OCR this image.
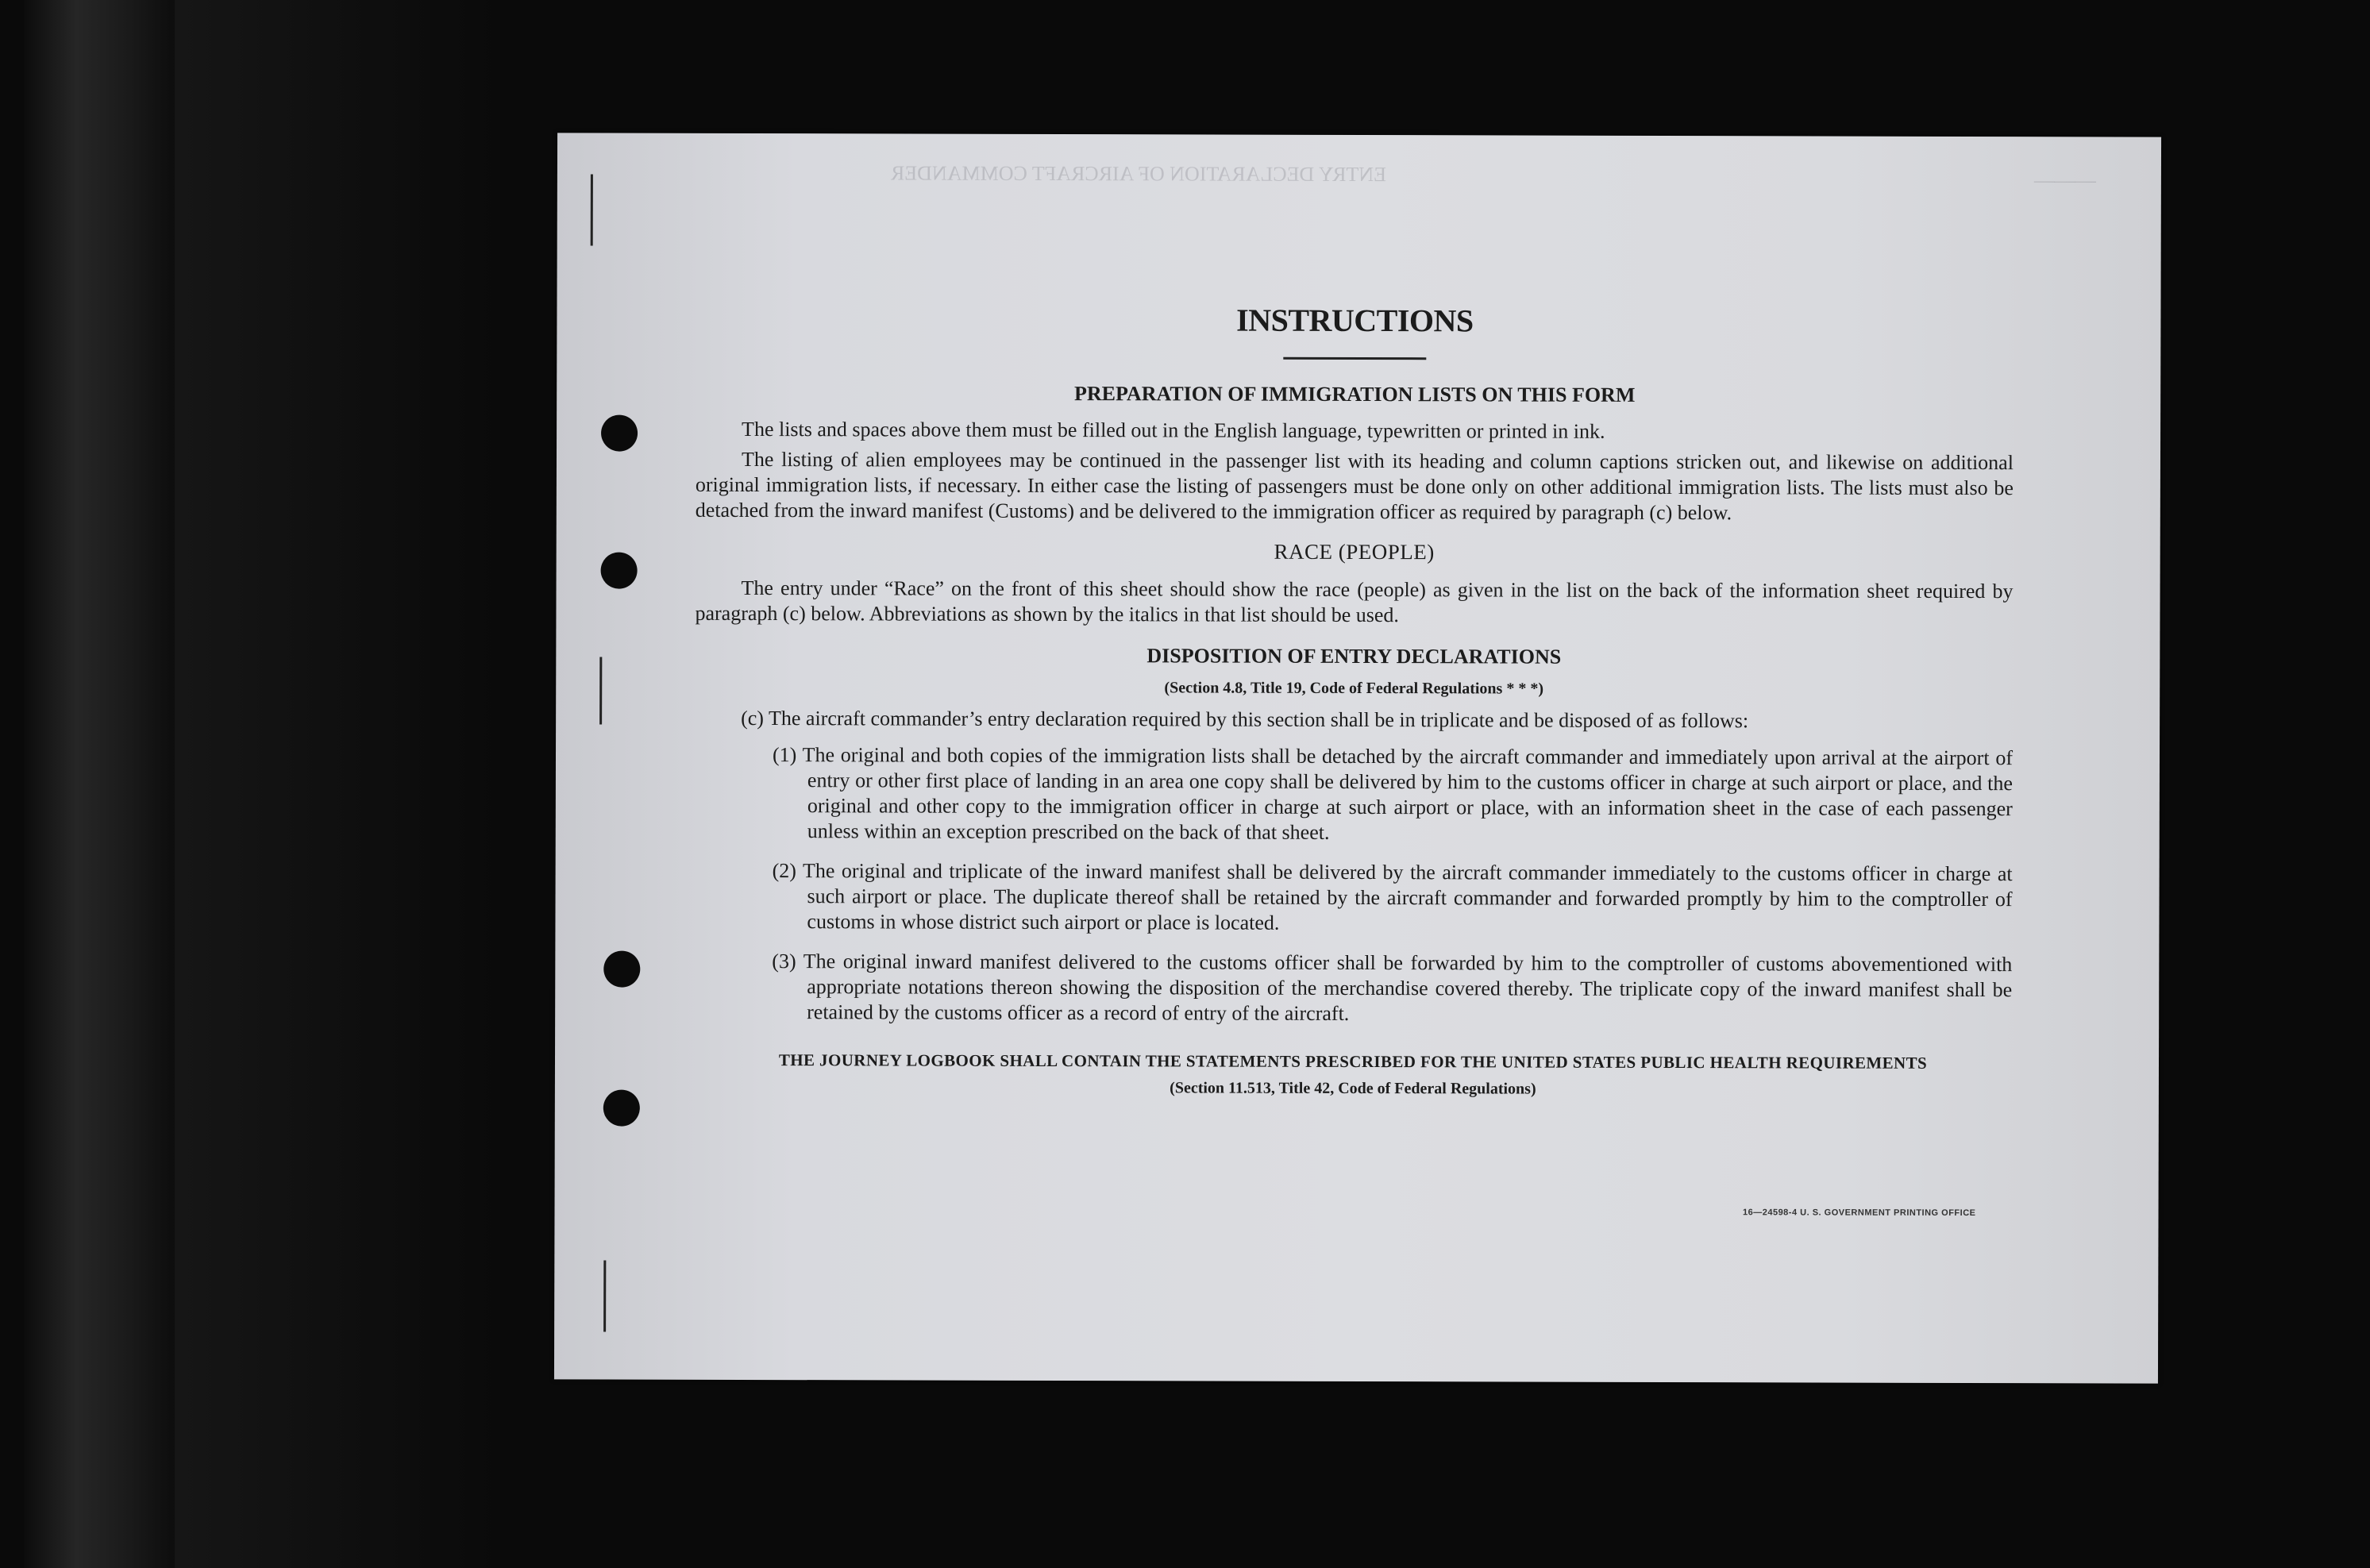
ENTRY DECLARATION OF AIRCRAFT COMMANDER	———
INSTRUCTIONS
PREPARATION OF IMMIGRATION LISTS ON THIS FORM

The lists and spaces above them must be filled out in the English language, typewritten or printed in ink.

The listing of alien employees may be continued in the passenger list with its heading and column captions stricken out, and likewise on additional original immigration lists, if necessary. In either case the listing of passengers must be done only on other additional immigration lists. The lists must also be detached from the inward manifest (Customs) and be delivered to the immigration officer as required by paragraph (c) below.

RACE (PEOPLE)

The entry under “Race” on the front of this sheet should show the race (people) as given in the list on the back of the information sheet required by paragraph (c) below. Abbreviations as shown by the italics in that list should be used.

DISPOSITION OF ENTRY DECLARATIONS
(Section 4.8, Title 19, Code of Federal Regulations * * *)

(c) The aircraft commander’s entry declaration required by this section shall be in triplicate and be disposed of as follows:

(1) The original and both copies of the immigration lists shall be detached by the aircraft commander and immediately upon arrival at the airport of entry or other first place of landing in an area one copy shall be delivered by him to the customs officer in charge at such airport or place, and the original and other copy to the immigration officer in charge at such airport or place, with an information sheet in the case of each passenger unless within an exception prescribed on the back of that sheet.
(2) The original and triplicate of the inward manifest shall be delivered by the aircraft commander immediately to the customs officer in charge at such airport or place. The duplicate thereof shall be retained by the aircraft commander and forwarded promptly by him to the comptroller of customs in whose district such airport or place is located.
(3) The original inward manifest delivered to the customs officer shall be forwarded by him to the comptroller of customs abovementioned with appropriate notations thereon showing the disposition of the merchandise covered thereby. The triplicate copy of the inward manifest shall be retained by the customs officer as a record of entry of the aircraft.
THE JOURNEY LOGBOOK SHALL CONTAIN THE STATEMENTS PRESCRIBED FOR THE UNITED STATES PUBLIC HEALTH REQUIREMENTS
(Section 11.513, Title 42, Code of Federal Regulations)
16—24598-4 U. S. GOVERNMENT PRINTING OFFICE
